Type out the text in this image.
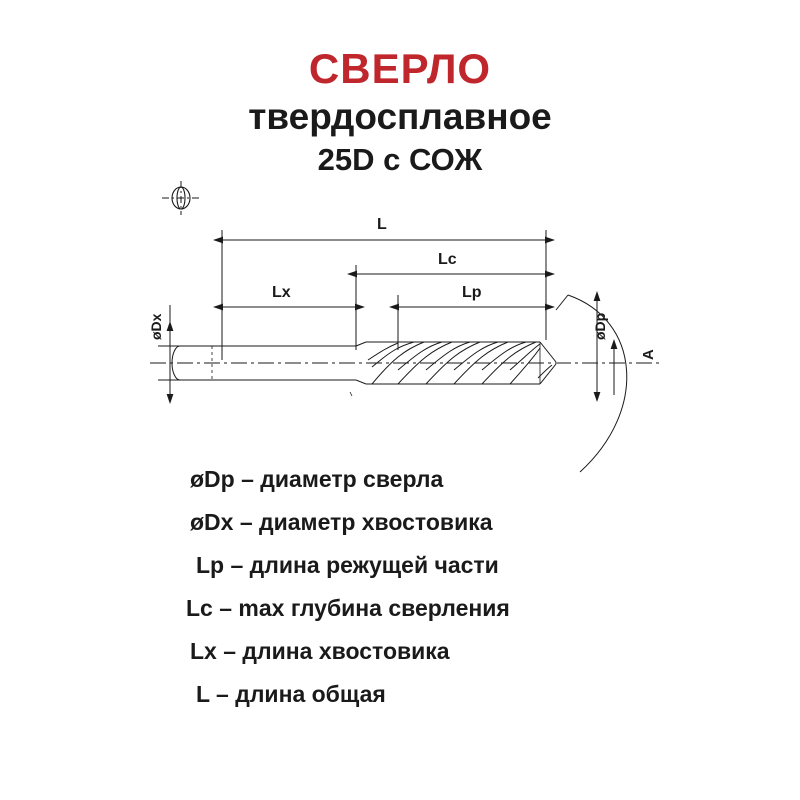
СВЕРЛО
твердосплавное
25D с СОЖ
L
Lc
Lx	Lp
øDx	øDp
A
øDp – диаметр сверла
øDx – диаметр хвостовика
Lp – длина режущей части
Lc – max глубина сверления
Lx – длина хвостовика
L – длина общая
